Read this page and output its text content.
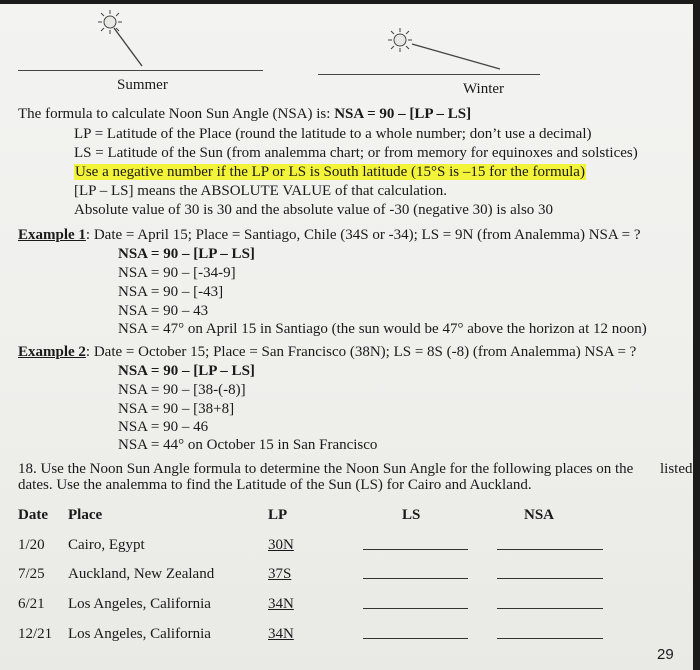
Summer	Winter
The formula to calculate Noon Sun Angle (NSA) is: NSA = 90 – [LP – LS]
LP = Latitude of the Place (round the latitude to a whole number; don’t use a decimal)
LS = Latitude of the Sun (from analemma chart; or from memory for equinoxes and solstices)
Use a negative number if the LP or LS is South latitude (15°S is –15 for the formula)
[LP – LS] means the ABSOLUTE VALUE of that calculation.
Absolute value of 30 is 30 and the absolute value of -30 (negative 30) is also 30
Example 1: Date = April 15; Place = Santiago, Chile (34S or -34); LS = 9N (from Analemma) NSA = ?
NSA = 90 – [LP – LS]
NSA = 90 – [-34-9]
NSA = 90 – [-43]
NSA = 90 – 43
NSA = 47° on April 15 in Santiago (the sun would be 47° above the horizon at 12 noon)
Example 2: Date = October 15; Place = San Francisco (38N); LS = 8S (-8) (from Analemma) NSA = ?
NSA = 90 – [LP – LS]
NSA = 90 – [38-(-8)]
NSA = 90 – [38+8]
NSA = 90 – 46
NSA = 44° on October 15 in San Francisco
18. Use the Noon Sun Angle formula to determine the Noon Sun Angle for the following places on the listed
dates. Use the analemma to find the Latitude of the Sun (LS) for Cairo and Auckland.
Date Place	LP	LS	NSA
1/20 Cairo, Egypt	30N
7/25 Auckland, New Zealand	37S
6/21 Los Angeles, California	34N
12/21 Los Angeles, California	34N
29
